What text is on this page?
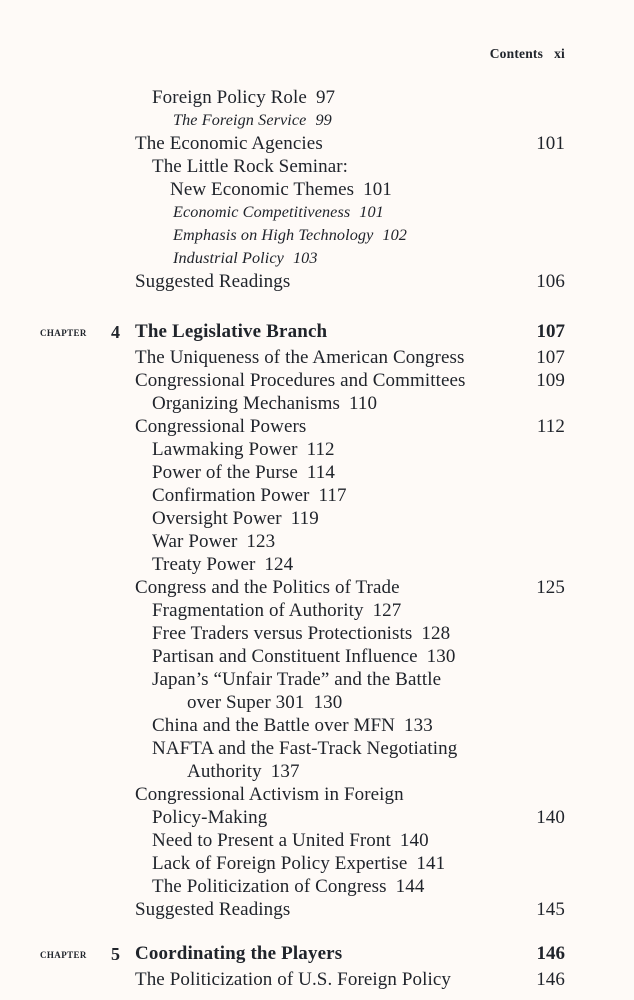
Contents xi
Foreign Policy Role 97
The Foreign Service 99
The Economic Agencies	101
The Little Rock Seminar:
New Economic Themes 101
Economic Competitiveness 101
Emphasis on High Technology 102
Industrial Policy 103
Suggested Readings	106
chapter 4 The Legislative Branch	107
The Uniqueness of the American Congress	107
Congressional Procedures and Committees	109
Organizing Mechanisms 110
Congressional Powers	112
Lawmaking Power 112
Power of the Purse 114
Confirmation Power 117
Oversight Power 119
War Power 123
Treaty Power 124
Congress and the Politics of Trade	125
Fragmentation of Authority 127
Free Traders versus Protectionists 128
Partisan and Constituent Influence 130
Japan’s “Unfair Trade” and the Battle
over Super 301 130
China and the Battle over MFN 133
NAFTA and the Fast-Track Negotiating
Authority 137
Congressional Activism in Foreign
Policy-Making	140
Need to Present a United Front 140
Lack of Foreign Policy Expertise 141
The Politicization of Congress 144
Suggested Readings	145
chapter 5 Coordinating the Players	146
The Politicization of U.S. Foreign Policy	146
